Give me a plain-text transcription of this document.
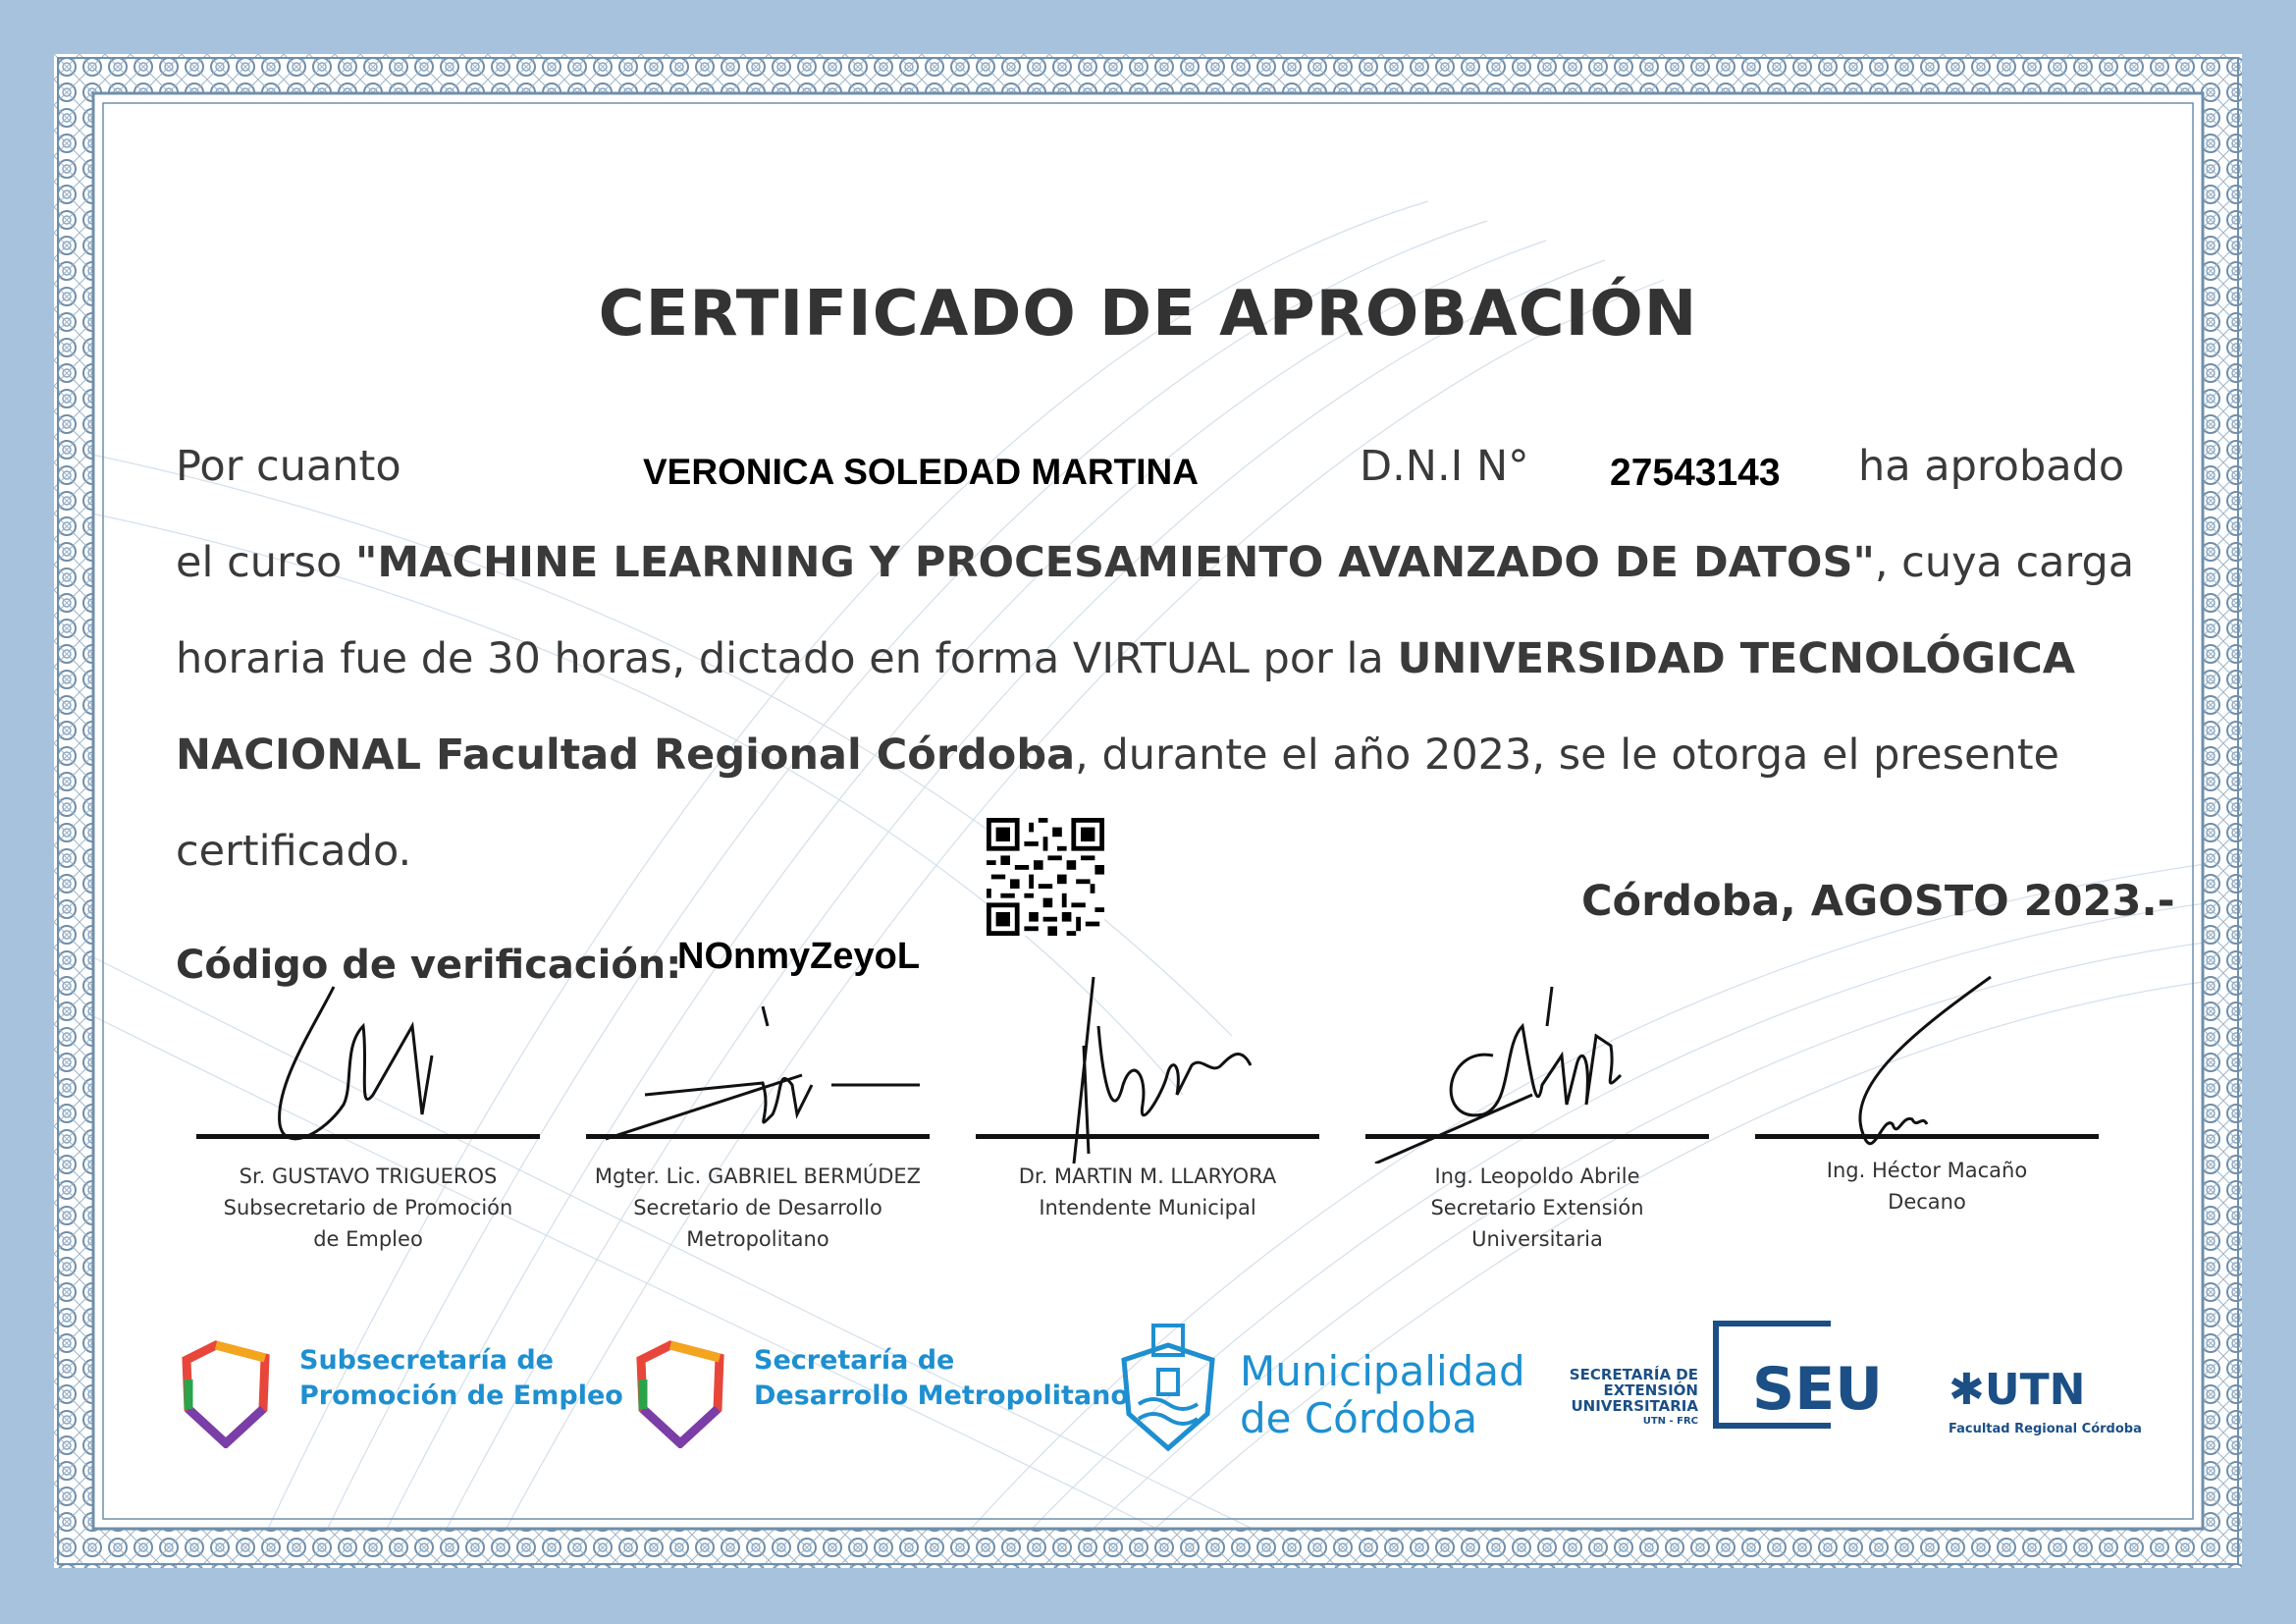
CERTIFICADO DE APROBACIÓN
Por cuanto	VERONICA SOLEDAD MARTINA	D.N.I N° 27543143 ha aprobado
el curso "MACHINE LEARNING Y PROCESAMIENTO AVANZADO DE DATOS", cuya carga
horaria fue de 30 horas, dictado en forma VIRTUAL por la UNIVERSIDAD TECNOLÓGICA
NACIONAL Facultad Regional Córdoba, durante el año 2023, se le otorga el presente
certificado.
Córdoba, AGOSTO 2023.-
Código de verificación:
NOnmyZeyoL
Sr. GUSTAVO TRIGUEROS
Subsecretario de Promoción
de Empleo
Mgter. Lic. GABRIEL BERMÚDEZ
Secretario de Desarrollo
Metropolitano
Dr. MARTIN M. LLARYORA
Intendente Municipal
Ing. Leopoldo Abrile
Secretario Extensión
Universitaria
Ing. Héctor Macaño
Decano
Subsecretaría de
Promoción de Empleo
Secretaría de
Desarrollo Metropolitano
Municipalidad
de Córdoba
SECRETARÍA DE
EXTENSIÓN
UNIVERSITARIA
UTN - FRC SEU ✱UTN
Facultad Regional Córdoba
